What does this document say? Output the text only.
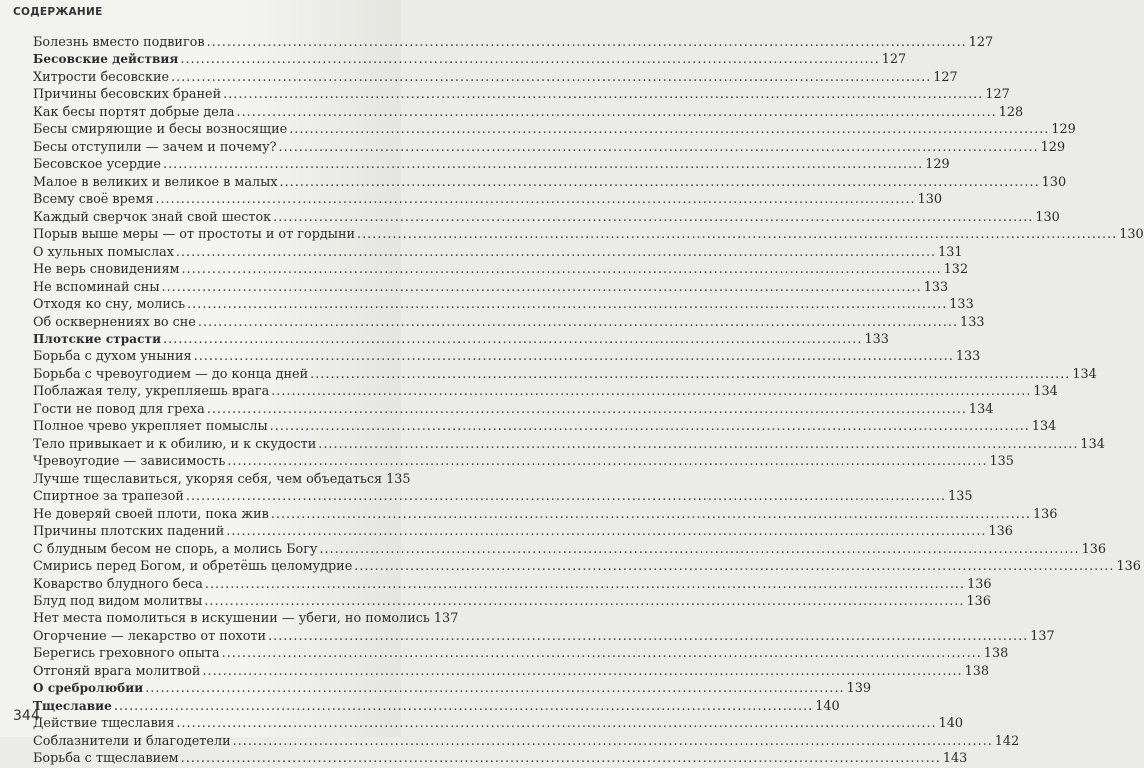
СОДЕРЖАНИЕ
Болезнь вместо подвигов .....	127
Бесовские действия .....	127
Хитрости бесовские .....	127
Причины бесовских браней .....	127
Как бесы портят добрые дела .....	128
Бесы смиряющие и бесы возносящие .....	129
Бесы отступили — зачем и почему? .....	129
Бесовское усердие .....	129
Малое в великих и великое в малых .....	130
Всему своё время .....	130
Каждый сверчок знай свой шесток .....	130
Порыв выше меры — от простоты и от гордыни .....	130
О хульных помыслах .....	131
Не верь сновидениям .....	132
Не вспоминай сны .....	133
Отходя ко сну, молись .....	133
Об осквернениях во сне .....	133
Плотские страсти .....	133
Борьба с духом уныния .....	133
Борьба с чревоугодием — до конца дней .....	134
Поблажая телу, укрепляешь врага .....	134
Гости не повод для греха .....	134
Полное чрево укрепляет помыслы .....	134
Тело привыкает и к обилию, и к скудости .....	134
Чревоугодие — зависимость .....	135
Лучше тщеславиться, укоряя себя, чем объедаться 135
Спиртное за трапезой .....	135
Не доверяй своей плоти, пока жив .....	136
Причины плотских падений .....	136
С блудным бесом не спорь, а молись Богу .....	136
Смирись перед Богом, и обретёшь целомудрие .....	136
Коварство блудного беса .....	136
Блуд под видом молитвы .....	136
Нет места помолиться в искушении — убеги, но помолись 137
Огорчение — лекарство от похоти .....	137
Берегись греховного опыта .....	138
Отгоняй врага молитвой .....	138
О сребролюбии .....	139
Тщеславие .....	140
Действие тщеславия .....	140
Соблазнители и благодетели .....	142
Борьба с тщеславием .....	143
344
